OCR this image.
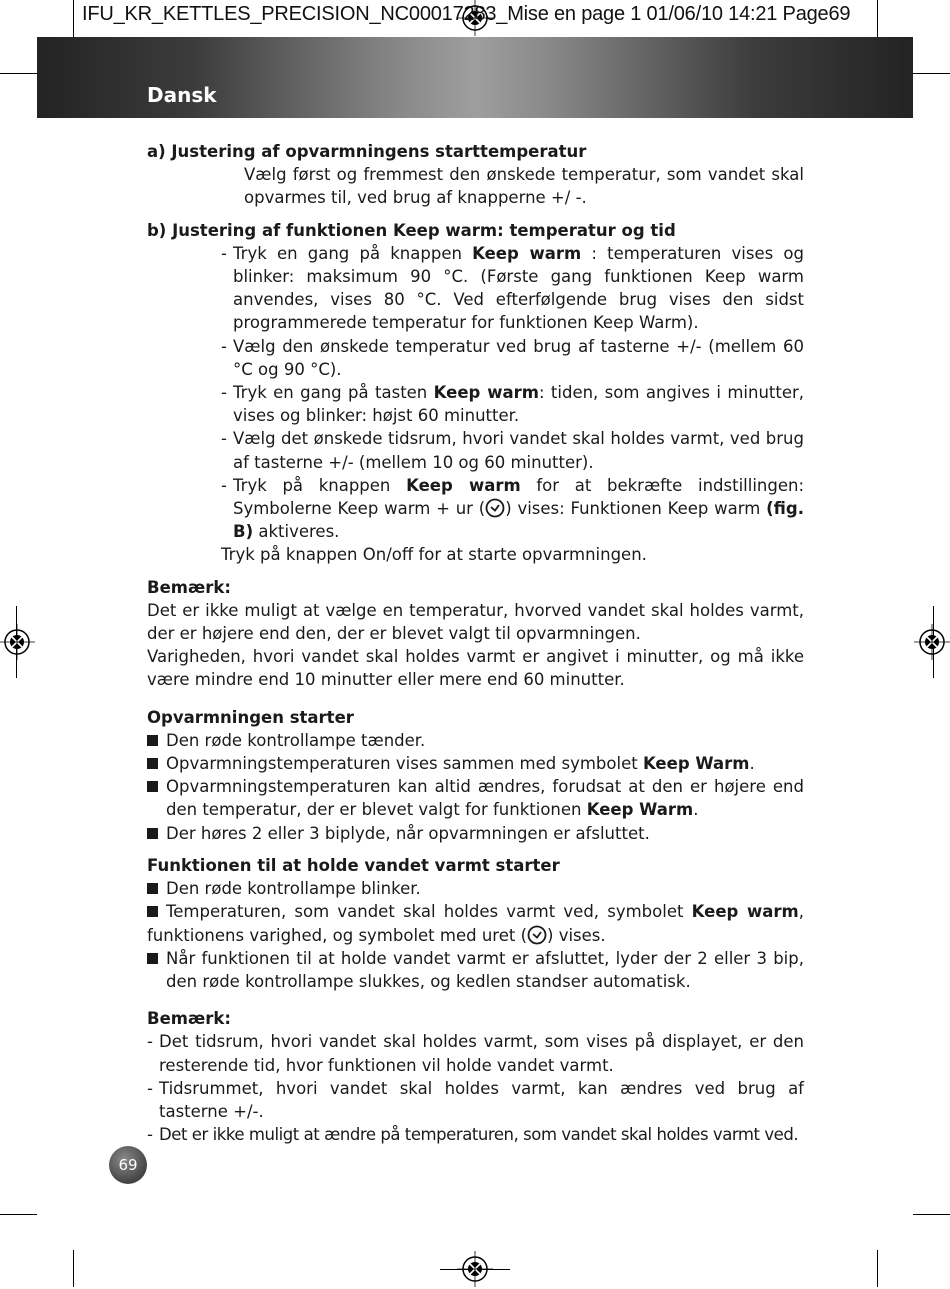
IFU_KR_KETTLES_PRECISION_NC00017283_Mise en page 1 01/06/10 14:21 Page69
Dansk

a) Justering af opvarmningens starttemperatur

Vælg først og fremmest den ønskede temperatur, som vandet skal opvarmes til, ved brug af knapperne +/ -.

b) Justering af funktionen Keep warm: temperatur og tid

- Tryk en gang på knappen Keep warm : temperaturen vises og blinker: maksimum 90 °C. (Første gang funktionen Keep warm anvendes, vises 80 °C. Ved efterfølgende brug vises den sidst programmerede temperatur for funktionen Keep Warm).
- Vælg den ønskede temperatur ved brug af tasterne +/- (mellem 60 °C og 90 °C).
- Tryk en gang på tasten Keep warm: tiden, som angives i minutter, vises og blinker: højst 60 minutter.
- Vælg det ønskede tidsrum, hvori vandet skal holdes varmt, ved brug af tasterne +/- (mellem 10 og 60 minutter).
- Tryk på knappen Keep warm for at bekræfte indstillingen: Symbolerne Keep warm + ur ( ) vises: Funktionen Keep warm (fig. B) aktiveres.

Tryk på knappen On/off for at starte opvarmningen.

Bemærk:

Det er ikke muligt at vælge en temperatur, hvorved vandet skal holdes varmt, der er højere end den, der er blevet valgt til opvarmningen.

Varigheden, hvori vandet skal holdes varmt er angivet i minutter, og må ikke være mindre end 10 minutter eller mere end 60 minutter.

Opvarmningen starter

Den røde kontrollampe tænder.
Opvarmningstemperaturen vises sammen med symbolet Keep Warm.
Opvarmningstemperaturen kan altid ændres, forudsat at den er højere end den temperatur, der er blevet valgt for funktionen Keep Warm.
Der høres 2 eller 3 biplyde, når opvarmningen er afsluttet.

Funktionen til at holde vandet varmt starter

Den røde kontrollampe blinker.

Temperaturen, som vandet skal holdes varmt ved, symbolet Keep warm, funktionens varighed, og symbolet med uret ( ) vises.

Når funktionen til at holde vandet varmt er afsluttet, lyder der 2 eller 3 bip, den røde kontrollampe slukkes, og kedlen standser automatisk.

Bemærk:

- Det tidsrum, hvori vandet skal holdes varmt, som vises på displayet, er den resterende tid, hvor funktionen vil holde vandet varmt.
- Tidsrummet, hvori vandet skal holdes varmt, kan ændres ved brug af tasterne +/-.
- Det er ikke muligt at ændre på temperaturen, som vandet skal holdes varmt ved.
69
